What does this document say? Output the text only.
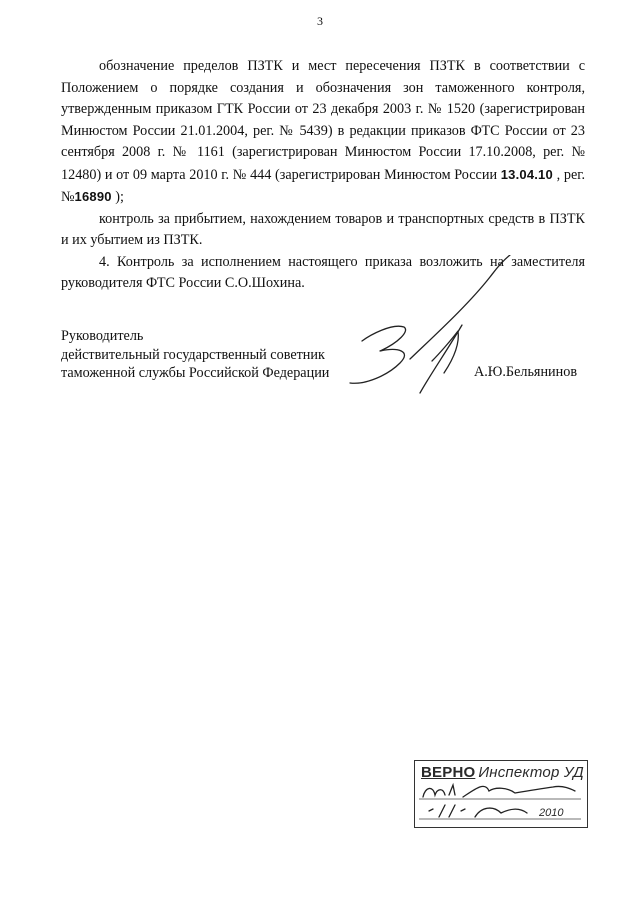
3

обозначение пределов ПЗТК и мест пересечения ПЗТК в соответствии с Положением о порядке создания и обозначения зон таможенного контроля, утвержденным приказом ГТК России от 23 декабря 2003 г. № 1520 (зарегистрирован Минюстом России 21.01.2004, рег. № 5439) в редакции приказов ФТС России от 23 сентября 2008 г. № 1161 (зарегистрирован Минюстом России 17.10.2008, рег. № 12480) и от 09 марта 2010 г. № 444 (зарегистрирован Минюстом России 13.04.10 , рег. №16890 );

контроль за прибытием, нахождением товаров и транспортных средств в ПЗТК и их убытием из ПЗТК.

4. Контроль за исполнением настоящего приказа возложить на заместителя руководителя ФТС России С.О.Шохина.

Руководитель
действительный государственный советник
таможенной службы Российской Федерации	А.Ю.Бельянинов
ВЕРНО Инспектор УД
2010
